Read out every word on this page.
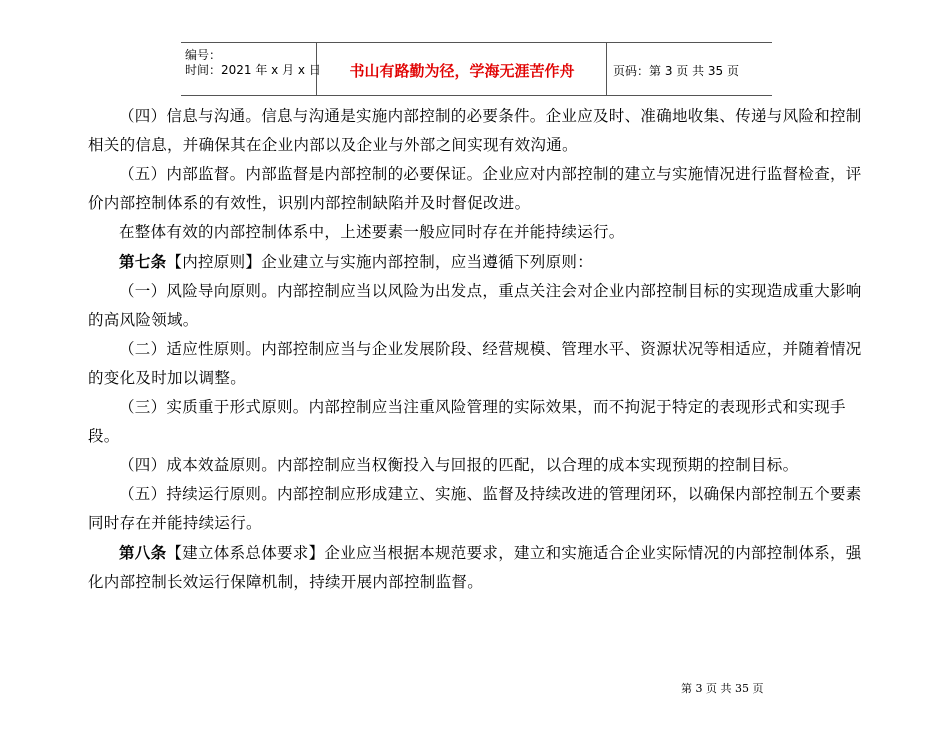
编号：
时间：2021 年 x 月 x 日	书山有路勤为径，学海无涯苦作舟	页码：第 3 页 共 35 页

（四）信息与沟通。信息与沟通是实施内部控制的必要条件。企业应及时、准确地收集、传递与风险和控制相关的信息，并确保其在企业内部以及企业与外部之间实现有效沟通。

（五）内部监督。内部监督是内部控制的必要保证。企业应对内部控制的建立与实施情况进行监督检查，评价内部控制体系的有效性，识别内部控制缺陷并及时督促改进。

在整体有效的内部控制体系中，上述要素一般应同时存在并能持续运行。

第七条【内控原则】企业建立与实施内部控制，应当遵循下列原则：

（一）风险导向原则。内部控制应当以风险为出发点，重点关注会对企业内部控制目标的实现造成重大影响的高风险领域。

（二）适应性原则。内部控制应当与企业发展阶段、经营规模、管理水平、资源状况等相适应，并随着情况的变化及时加以调整。

（三）实质重于形式原则。内部控制应当注重风险管理的实际效果，而不拘泥于特定的表现形式和实现手段。

（四）成本效益原则。内部控制应当权衡投入与回报的匹配，以合理的成本实现预期的控制目标。

（五）持续运行原则。内部控制应形成建立、实施、监督及持续改进的管理闭环，以确保内部控制五个要素同时存在并能持续运行。

第八条【建立体系总体要求】企业应当根据本规范要求，建立和实施适合企业实际情况的内部控制体系，强化内部控制长效运行保障机制，持续开展内部控制监督。

第 3 页 共 35 页
